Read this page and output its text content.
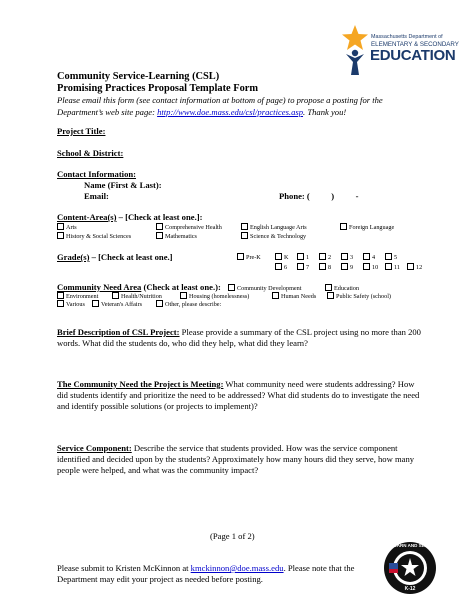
Massachusetts Department of
ELEMENTARY & SECONDARY
EDUCATION
Community Service-Learning (CSL)
Promising Practices Proposal Template Form
Please email this form (see contact information at bottom of page) to propose a posting for the Department’s web site page: http://www.doe.mass.edu/csl/practices.asp. Thank you!
Project Title:
School & District:
Contact Information:
Name (First & Last):
Email:	Phone: (          )          -
Content-Area(s) – [Check at least one.]:
Arts	Comprehensive Health	English Language Arts	Foreign Language
History & Social Sciences	Mathematics	Science & Technology
Grade(s) – [Check at least one.]	Pre-K	K	1	2	3	4	5
6	7	8	9	10	11	12
Community Need Area (Check at least one.):	Community Development	Education
Environment	Health/Nutrition	Housing (homelessness)	Human Needs	Public Safety (school)
Various	Veteran's Affairs	Other, please describe:
Brief Description of CSL Project: Please provide a summary of the CSL project using no more than 200 words. What did the students do, who did they help, what did they learn?
The Community Need the Project is Meeting: What community need were students addressing? How did students identify and prioritize the need to be addressed? What did students do to investigate the need and identify possible solutions (or projects to implement)?
Service Component: Describe the service that students provided. How was the service component identified and decided upon by the students? Approximately how many hours did they serve, how many people were helped, and what was the community impact?
(Page 1 of 2)
Please submit to Kristen McKinnon at kmckinnon@doe.mass.edu. Please note that the Department may edit your project as needed before posting.
LEARN AND SERVE
K-12
